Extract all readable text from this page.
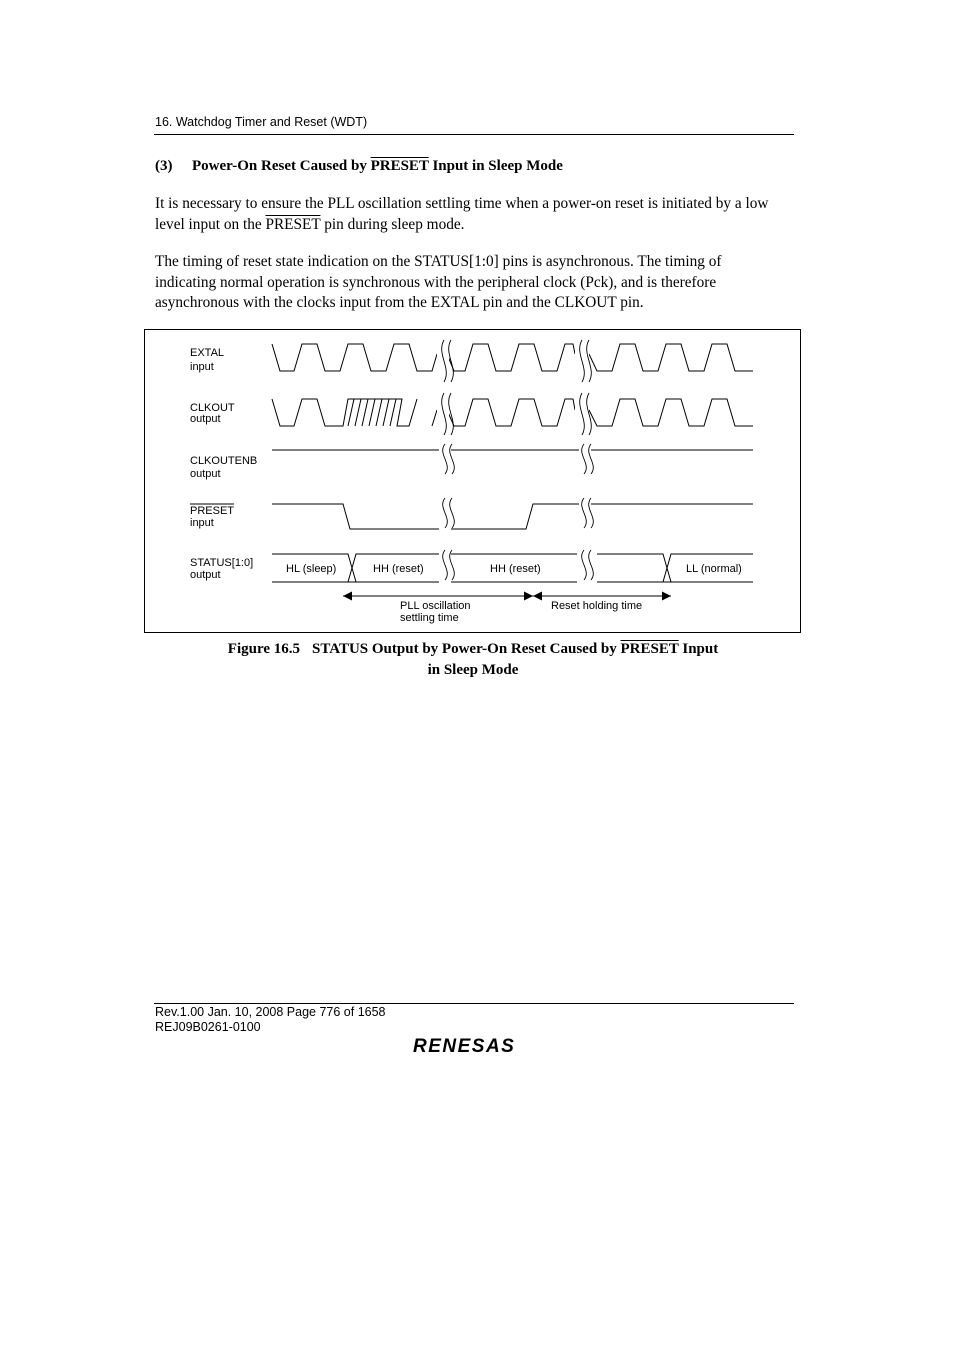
16. Watchdog Timer and Reset (WDT)
(3) Power-On Reset Caused by PRESET Input in Sleep Mode
It is necessary to ensure the PLL oscillation settling time when a power-on reset is initiated by a low level input on the PRESET pin during sleep mode.
The timing of reset state indication on the STATUS[1:0] pins is asynchronous. The timing of indicating normal operation is synchronous with the peripheral clock (Pck), and is therefore asynchronous with the clocks input from the EXTAL pin and the CLKOUT pin.
EXTAL
input
CLKOUT
output
CLKOUTENB
output
PRESET
input
STATUS[1:0]
output	HL (sleep)	HH (reset)	HH (reset)	LL (normal)
PLL oscillation
settling time
Reset holding time
Figure 16.5 STATUS Output by Power-On Reset Caused by PRESET Input
in Sleep Mode
Rev.1.00 Jan. 10, 2008 Page 776 of 1658
REJ09B0261-0100
RENESAS
